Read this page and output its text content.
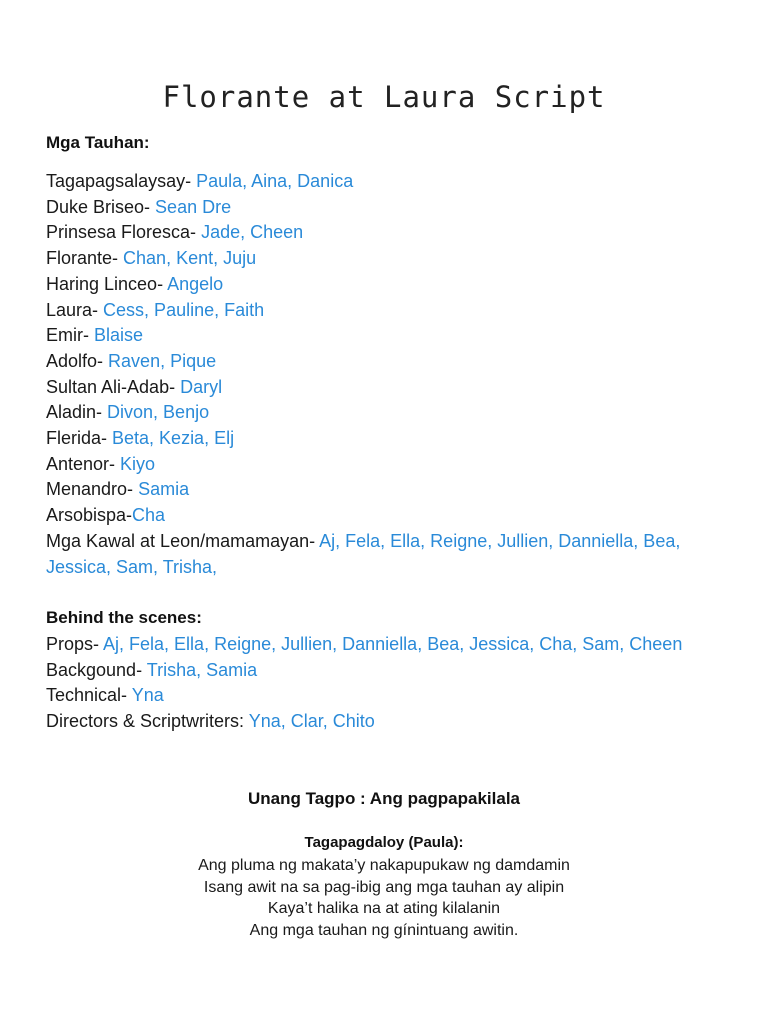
Florante at Laura Script
Mga Tauhan:
Tagapagsalaysay- Paula, Aina, Danica
Duke Briseo- Sean Dre
Prinsesa Floresca- Jade, Cheen
Florante- Chan, Kent, Juju
Haring Linceo- Angelo
Laura- Cess, Pauline, Faith
Emir- Blaise
Adolfo- Raven, Pique
Sultan Ali-Adab- Daryl
Aladin- Divon, Benjo
Flerida- Beta, Kezia, Elj
Antenor- Kiyo
Menandro- Samia
Arsobispa-Cha
Mga Kawal at Leon/mamamayan- Aj, Fela, Ella, Reigne, Jullien, Danniella, Bea, Jessica, Sam, Trisha,
Behind the scenes:
Props- Aj, Fela, Ella, Reigne, Jullien, Danniella, Bea, Jessica, Cha, Sam, Cheen
Backgound- Trisha, Samia
Technical- Yna
Directors & Scriptwriters: Yna, Clar, Chito
Unang Tagpo : Ang pagpapakilala
Tagapagdaloy (Paula):
Ang pluma ng makata’y nakapupukaw ng damdamin
Isang awit na sa pag-ibig ang mga tauhan ay alipin
Kaya’t halika na at ating kilalanin
Ang mga tauhan ng gínintuang awitin.
